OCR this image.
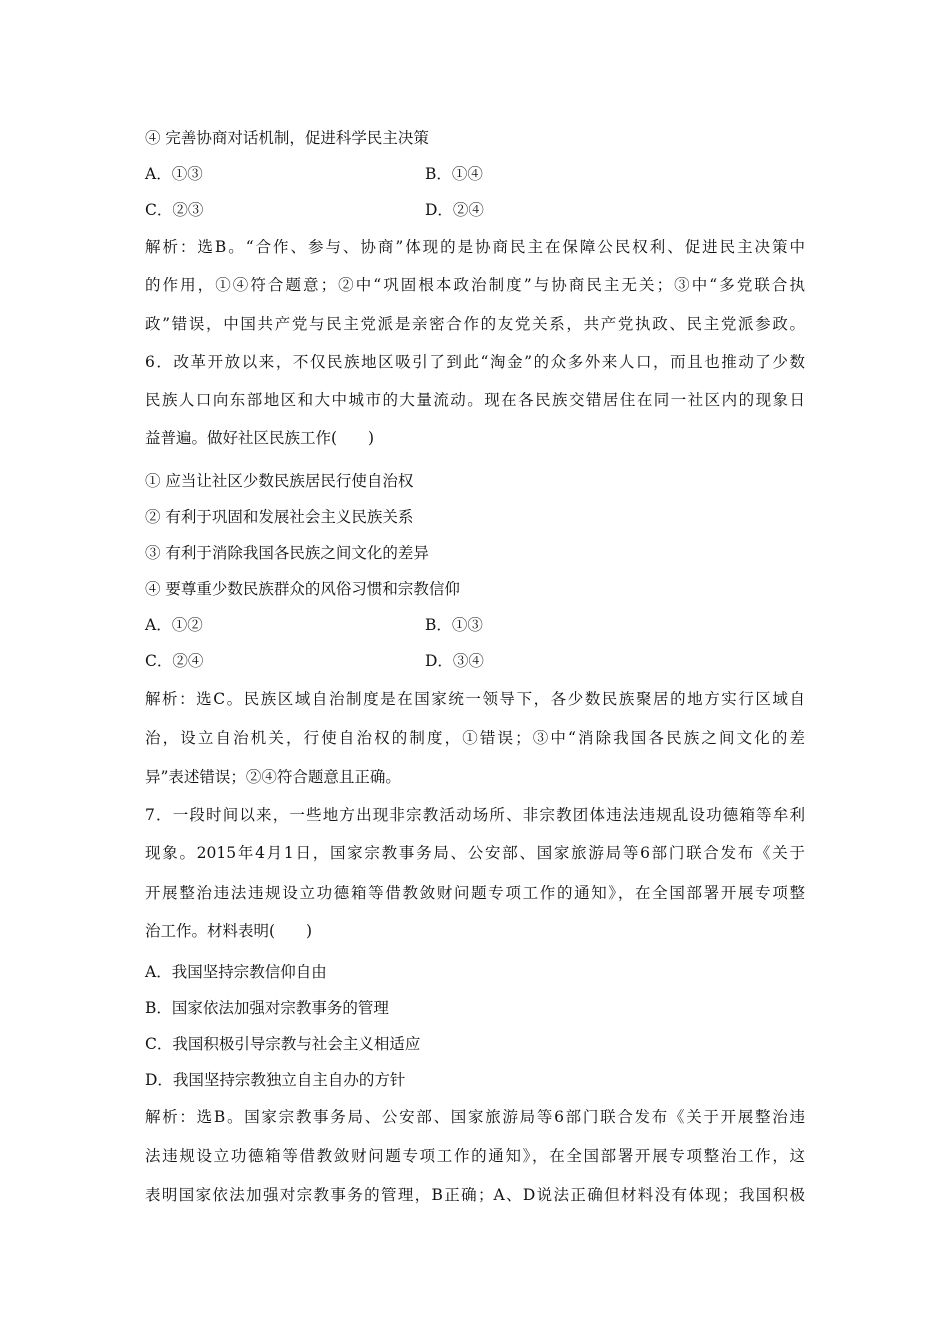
④ 完善协商对话机制，促进科学民主决策
A．①③	B．①④
C．②③	D．②④
解析：选B。“合作、参与、协商”体现的是协商民主在保障公民权利、促进民主决策中
的作用，①④符合题意；②中“巩固根本政治制度”与协商民主无关；③中“多党联合执
政”错误，中国共产党与民主党派是亲密合作的友党关系，共产党执政、民主党派参政。
6．改革开放以来，不仅民族地区吸引了到此“淘金”的众多外来人口，而且也推动了少数
民族人口向东部地区和大中城市的大量流动。现在各民族交错居住在同一社区内的现象日
益普遍。做好社区民族工作(　　)
① 应当让社区少数民族居民行使自治权
② 有利于巩固和发展社会主义民族关系
③ 有利于消除我国各民族之间文化的差异
④ 要尊重少数民族群众的风俗习惯和宗教信仰
A．①②	B．①③
C．②④	D．③④
解析：选C。民族区域自治制度是在国家统一领导下，各少数民族聚居的地方实行区域自
治，设立自治机关，行使自治权的制度，①错误；③中“消除我国各民族之间文化的差
异”表述错误；②④符合题意且正确。
7．一段时间以来，一些地方出现非宗教活动场所、非宗教团体违法违规乱设功德箱等牟利
现象。2015年4月1日，国家宗教事务局、公安部、国家旅游局等6部门联合发布《关于
开展整治违法违规设立功德箱等借教敛财问题专项工作的通知》，在全国部署开展专项整
治工作。材料表明(　　)
A．我国坚持宗教信仰自由
B．国家依法加强对宗教事务的管理
C．我国积极引导宗教与社会主义相适应
D．我国坚持宗教独立自主自办的方针
解析：选B。国家宗教事务局、公安部、国家旅游局等6部门联合发布《关于开展整治违
法违规设立功德箱等借教敛财问题专项工作的通知》，在全国部署开展专项整治工作，这
表明国家依法加强对宗教事务的管理，B正确；A、D说法正确但材料没有体现；我国积极
